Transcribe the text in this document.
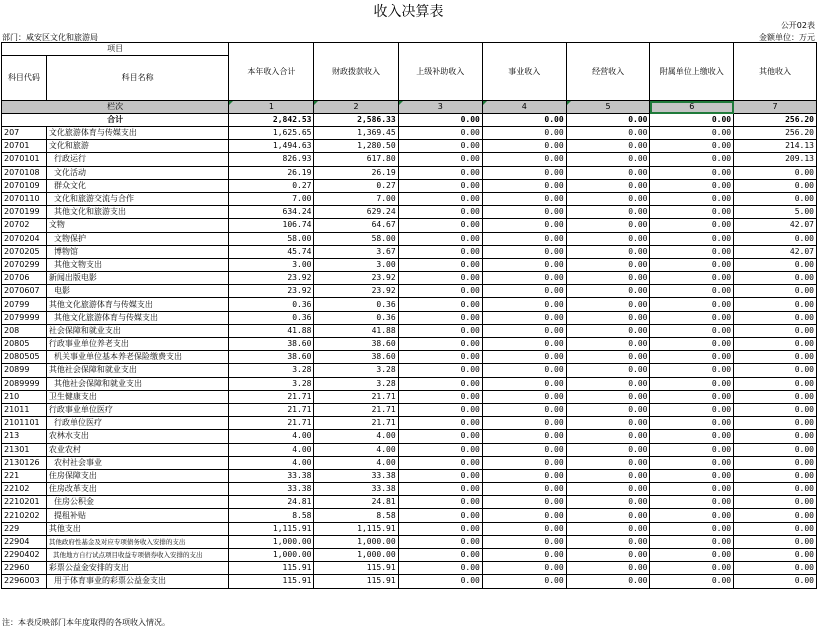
收入决算表
公开02表
部门：咸安区文化和旅游局	金额单位：万元
项目		本年收入合计	财政拨款收入	上级补助收入	事业收入	经营收入	附属单位上缴收入	其他收入
科目代码	科目名称							
栏次		1	2	3	4	5	6	7
合计		2,842.53	2,586.33	0.00	0.00	0.00	0.00	256.20
207	文化旅游体育与传媒支出	1,625.65	1,369.45	0.00	0.00	0.00	0.00	256.20
20701	文化和旅游	1,494.63	1,280.50	0.00	0.00	0.00	0.00	214.13
2070101	行政运行	826.93	617.80	0.00	0.00	0.00	0.00	209.13
2070108	文化活动	26.19	26.19	0.00	0.00	0.00	0.00	0.00
2070109	群众文化	0.27	0.27	0.00	0.00	0.00	0.00	0.00
2070110	文化和旅游交流与合作	7.00	7.00	0.00	0.00	0.00	0.00	0.00
2070199	其他文化和旅游支出	634.24	629.24	0.00	0.00	0.00	0.00	5.00
20702	文物	106.74	64.67	0.00	0.00	0.00	0.00	42.07
2070204	文物保护	58.00	58.00	0.00	0.00	0.00	0.00	0.00
2070205	博物馆	45.74	3.67	0.00	0.00	0.00	0.00	42.07
2070299	其他文物支出	3.00	3.00	0.00	0.00	0.00	0.00	0.00
20706	新闻出版电影	23.92	23.92	0.00	0.00	0.00	0.00	0.00
2070607	电影	23.92	23.92	0.00	0.00	0.00	0.00	0.00
20799	其他文化旅游体育与传媒支出	0.36	0.36	0.00	0.00	0.00	0.00	0.00
2079999	其他文化旅游体育与传媒支出	0.36	0.36	0.00	0.00	0.00	0.00	0.00
208	社会保障和就业支出	41.88	41.88	0.00	0.00	0.00	0.00	0.00
20805	行政事业单位养老支出	38.60	38.60	0.00	0.00	0.00	0.00	0.00
2080505	机关事业单位基本养老保险缴费支出	38.60	38.60	0.00	0.00	0.00	0.00	0.00
20899	其他社会保障和就业支出	3.28	3.28	0.00	0.00	0.00	0.00	0.00
2089999	其他社会保障和就业支出	3.28	3.28	0.00	0.00	0.00	0.00	0.00
210	卫生健康支出	21.71	21.71	0.00	0.00	0.00	0.00	0.00
21011	行政事业单位医疗	21.71	21.71	0.00	0.00	0.00	0.00	0.00
2101101	行政单位医疗	21.71	21.71	0.00	0.00	0.00	0.00	0.00
213	农林水支出	4.00	4.00	0.00	0.00	0.00	0.00	0.00
21301	农业农村	4.00	4.00	0.00	0.00	0.00	0.00	0.00
2130126	农村社会事业	4.00	4.00	0.00	0.00	0.00	0.00	0.00
221	住房保障支出	33.38	33.38	0.00	0.00	0.00	0.00	0.00
22102	住房改革支出	33.38	33.38	0.00	0.00	0.00	0.00	0.00
2210201	住房公积金	24.81	24.81	0.00	0.00	0.00	0.00	0.00
2210202	提租补贴	8.58	8.58	0.00	0.00	0.00	0.00	0.00
229	其他支出	1,115.91	1,115.91	0.00	0.00	0.00	0.00	0.00
22904	其他政府性基金及对应专项债务收入安排的支出	1,000.00	1,000.00	0.00	0.00	0.00	0.00	0.00
2290402	其他地方自行试点项目收益专项债券收入安排的支出	1,000.00	1,000.00	0.00	0.00	0.00	0.00	0.00
22960	彩票公益金安排的支出	115.91	115.91	0.00	0.00	0.00	0.00	0.00
2296003	用于体育事业的彩票公益金支出	115.91	115.91	0.00	0.00	0.00	0.00	0.00
注：本表反映部门本年度取得的各项收入情况。
